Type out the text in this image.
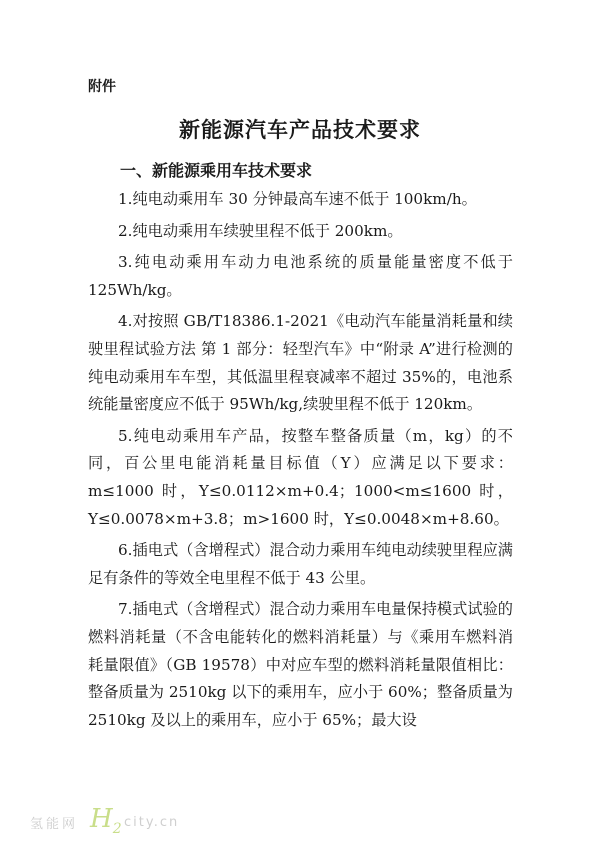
附件
新能源汽车产品技术要求
一、新能源乘用车技术要求

1.纯电动乘用车 30 分钟最高车速不低于 100km/h。

2.纯电动乘用车续驶里程不低于 200km。

3.纯电动乘用车动力电池系统的质量能量密度不低于 125Wh/kg。

4.对按照 GB/T18386.1-2021《电动汽车能量消耗量和续驶里程试验方法 第 1 部分：轻型汽车》中“附录 A”进行检测的纯电动乘用车车型，其低温里程衰减率不超过 35%的，电池系统能量密度应不低于 95Wh/kg,续驶里程不低于 120km。

5.纯电动乘用车产品，按整车整备质量（m，kg）的不同，百公里电能消耗量目标值（Y）应满足以下要求：m≤1000 时，Y≤0.0112×m+0.4；1000<m≤1600 时，Y≤0.0078×m+3.8；m>1600 时，Y≤0.0048×m+8.60。

6.插电式（含增程式）混合动力乘用车纯电动续驶里程应满足有条件的等效全电里程不低于 43 公里。

7.插电式（含增程式）混合动力乘用车电量保持模式试验的燃料消耗量（不含电能转化的燃料消耗量）与《乘用车燃料消耗量限值》（GB 19578）中对应车型的燃料消耗量限值相比：整备质量为 2510kg 以下的乘用车，应小于 60%；整备质量为 2510kg 及以上的乘用车，应小于 65%；最大设

氢能网 $H_2$ city.cn
